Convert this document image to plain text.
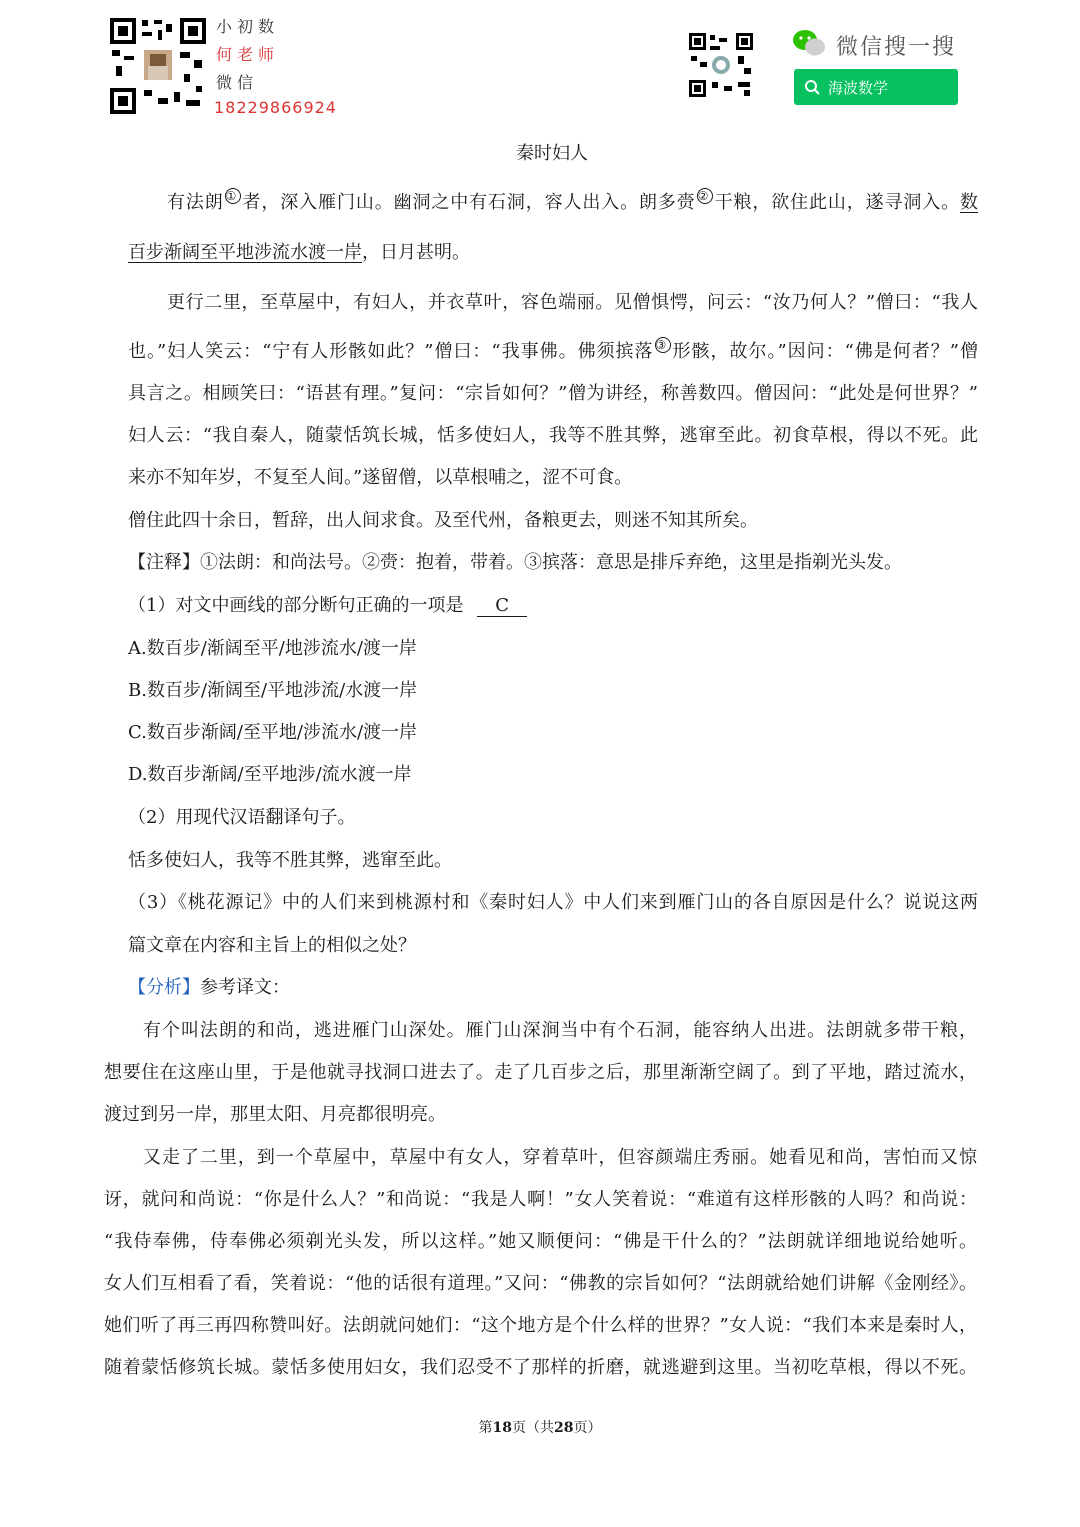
小初数
何老师
微信
18229866924
微信搜一搜
海波数学
秦时妇人
有法朗 ① 者，深入雁门山。幽洞之中有石洞，容人出入。朗多赍 ② 干粮，欲住此山，遂寻洞入。数
百步渐阔至平地涉流水渡一岸，日月甚明。
更行二里，至草屋中，有妇人，并衣草叶，容色端丽。见僧惧愕，问云：“汝乃何人？”僧曰：“我人
也。”妇人笑云：“宁有人形骸如此？”僧曰：“我事佛。佛须摈落 ③ 形骸，故尔。”因问：“佛是何者？”僧
具言之。相顾笑曰：“语甚有理。”复问：“宗旨如何？”僧为讲经，称善数四。僧因问：“此处是何世界？”
妇人云：“我自秦人，随蒙恬筑长城，恬多使妇人，我等不胜其弊，逃窜至此。初食草根，得以不死。此
来亦不知年岁，不复至人间。”遂留僧，以草根哺之，涩不可食。
僧住此四十余日，暂辞，出人间求食。及至代州，备粮更去，则迷不知其所矣。
【注释】①法朗：和尚法号。②赍：抱着，带着。③摈落：意思是排斥弃绝，这里是指剃光头发。
（1）对文中画线的部分断句正确的一项是 C
A.数百步/渐阔至平/地涉流水/渡一岸
B.数百步/渐阔至/平地涉流/水渡一岸
C.数百步渐阔/至平地/涉流水/渡一岸
D.数百步渐阔/至平地涉/流水渡一岸
（2）用现代汉语翻译句子。
恬多使妇人，我等不胜其弊，逃窜至此。
（3）《桃花源记》中的人们来到桃源村和《秦时妇人》中人们来到雁门山的各自原因是什么？说说这两
篇文章在内容和主旨上的相似之处？
【分析】参考译文：
有个叫法朗的和尚，逃进雁门山深处。雁门山深涧当中有个石洞，能容纳人出进。法朗就多带干粮，
想要住在这座山里，于是他就寻找洞口进去了。走了几百步之后，那里渐渐空阔了。到了平地，踏过流水，
渡过到另一岸，那里太阳、月亮都很明亮。
又走了二里，到一个草屋中，草屋中有女人，穿着草叶，但容颜端庄秀丽。她看见和尚，害怕而又惊
讶，就问和尚说：“你是什么人？”和尚说：“我是人啊！”女人笑着说：“难道有这样形骸的人吗？和尚说：
“我侍奉佛，侍奉佛必须剃光头发，所以这样。”她又顺便问：“佛是干什么的？”法朗就详细地说给她听。
女人们互相看了看，笑着说：“他的话很有道理。”又问：“佛教的宗旨如何？“法朗就给她们讲解《金刚经》。
她们听了再三再四称赞叫好。法朗就问她们：“这个地方是个什么样的世界？”女人说：“我们本来是秦时人，
随着蒙恬修筑长城。蒙恬多使用妇女，我们忍受不了那样的折磨，就逃避到这里。当初吃草根，得以不死。
第18页（共28页）
